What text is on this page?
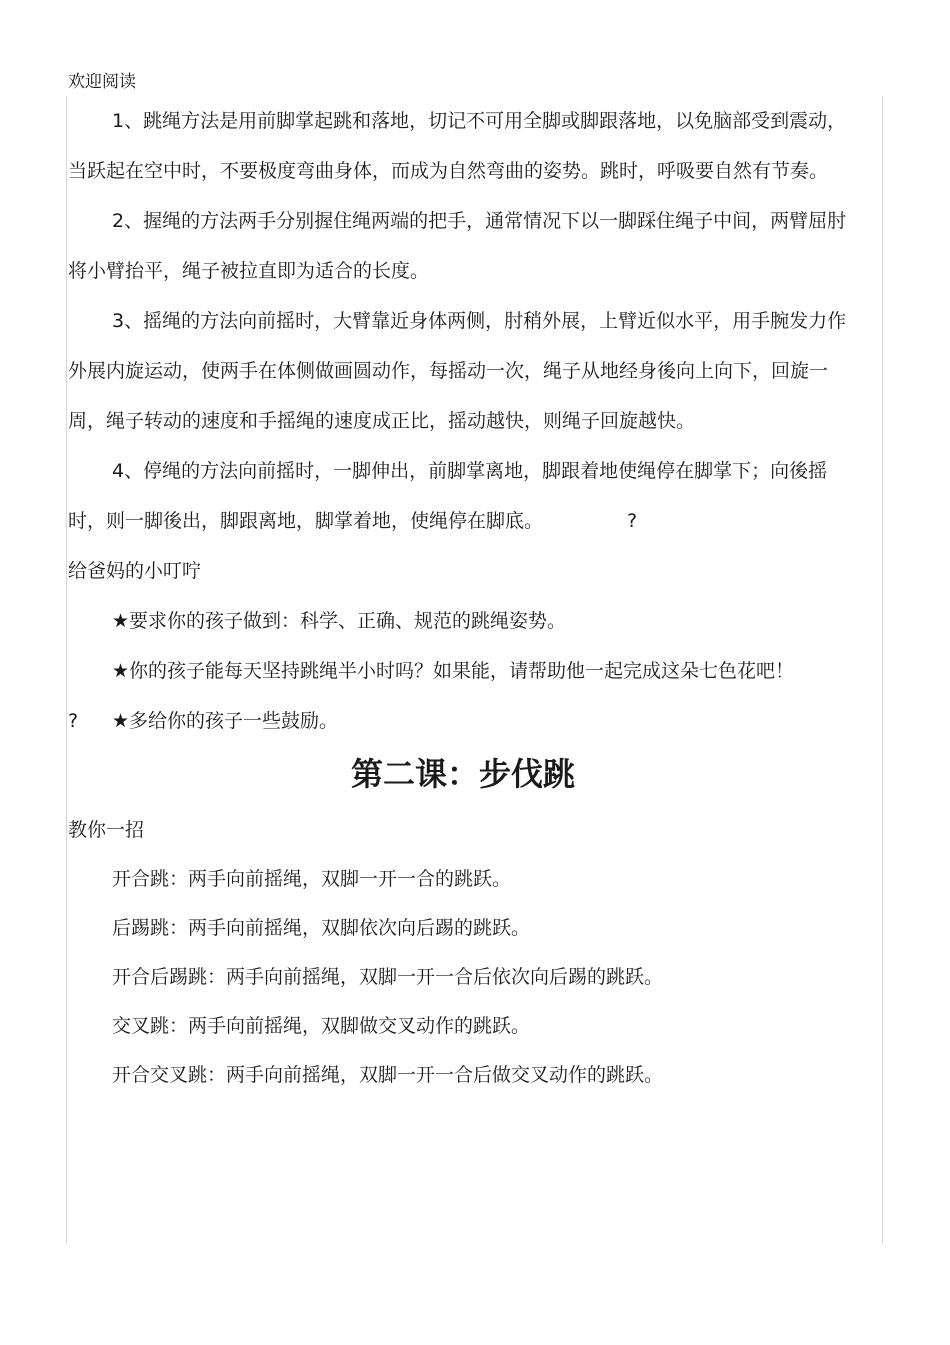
欢迎阅读

1、跳绳方法是用前脚掌起跳和落地，切记不可用全脚或脚跟落地，以免脑部受到震动，当跃起在空中时，不要极度弯曲身体，而成为自然弯曲的姿势。跳时，呼吸要自然有节奏。

2、握绳的方法两手分别握住绳两端的把手，通常情况下以一脚踩住绳子中间，两臂屈肘将小臂抬平，绳子被拉直即为适合的长度。

3、摇绳的方法向前摇时，大臂靠近身体两侧，肘稍外展，上臂近似水平，用手腕发力作外展内旋运动，使两手在体侧做画圆动作，每摇动一次，绳子从地经身後向上向下，回旋一周，绳子转动的速度和手摇绳的速度成正比，摇动越快，则绳子回旋越快。

4、停绳的方法向前摇时，一脚伸出，前脚掌离地，脚跟着地使绳停在脚掌下；向後摇时，则一脚後出，脚跟离地，脚掌着地，使绳停在脚底。	?

给爸妈的小叮咛

★要求你的孩子做到：科学、正确、规范的跳绳姿势。

★你的孩子能每天坚持跳绳半小时吗？如果能，请帮助他一起完成这朵七色花吧！

? ★多给你的孩子一些鼓励。

第二课：步伐跳

教你一招

开合跳：两手向前摇绳，双脚一开一合的跳跃。

后踢跳：两手向前摇绳，双脚依次向后踢的跳跃。

开合后踢跳：两手向前摇绳，双脚一开一合后依次向后踢的跳跃。

交叉跳：两手向前摇绳，双脚做交叉动作的跳跃。

开合交叉跳：两手向前摇绳，双脚一开一合后做交叉动作的跳跃。
